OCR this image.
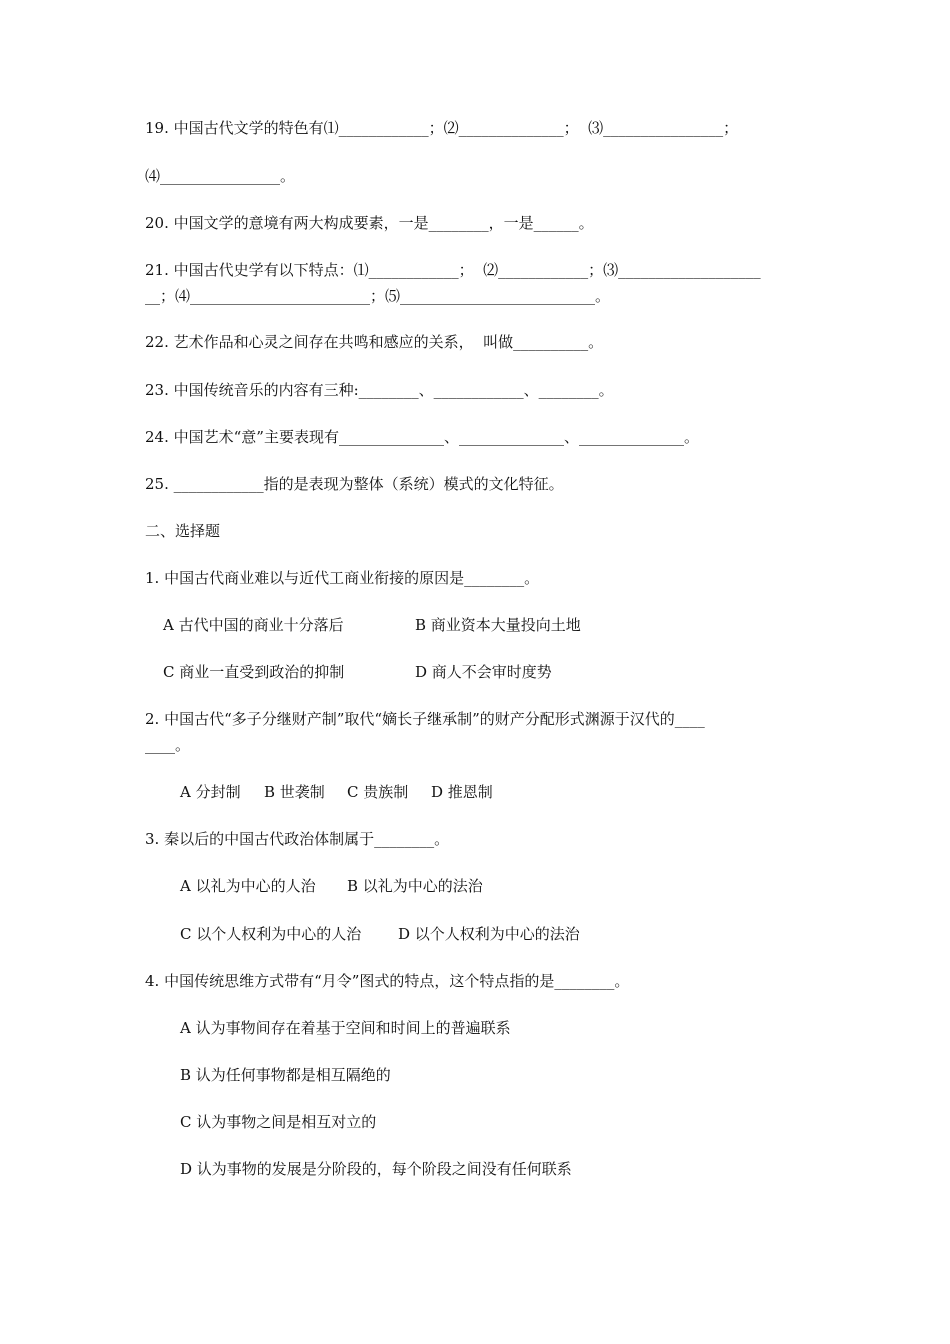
19. 中国古代文学的特色有⑴____________；⑵______________；  ⑶________________；
⑷________________。
20. 中国文学的意境有两大构成要素，一是________，一是______。
21. 中国古代史学有以下特点：⑴____________；  ⑵____________；⑶___________________
__；⑷________________________；⑸__________________________。
22. 艺术作品和心灵之间存在共鸣和感应的关系，  叫做__________。
23. 中国传统音乐的内容有三种:________、____________、________。
24. 中国艺术“意”主要表现有______________、______________、______________。
25. ____________指的是表现为整体（系统）模式的文化特征。
二、选择题
1. 中国古代商业难以与近代工商业衔接的原因是________。
A 古代中国的商业十分落后	B 商业资本大量投向土地
C 商业一直受到政治的抑制	D 商人不会审时度势
2. 中国古代“多子分继财产制”取代“嫡长子继承制”的财产分配形式渊源于汉代的____
____。
A 分封制 B 世袭制 C 贵族制 D 推恩制
3. 秦以后的中国古代政治体制属于________。
A 以礼为中心的人治 B 以礼为中心的法治
C 以个人权利为中心的人治 D 以个人权利为中心的法治
4. 中国传统思维方式带有“月令”图式的特点，这个特点指的是________。
A 认为事物间存在着基于空间和时间上的普遍联系
B 认为任何事物都是相互隔绝的
C 认为事物之间是相互对立的
D 认为事物的发展是分阶段的，每个阶段之间没有任何联系
